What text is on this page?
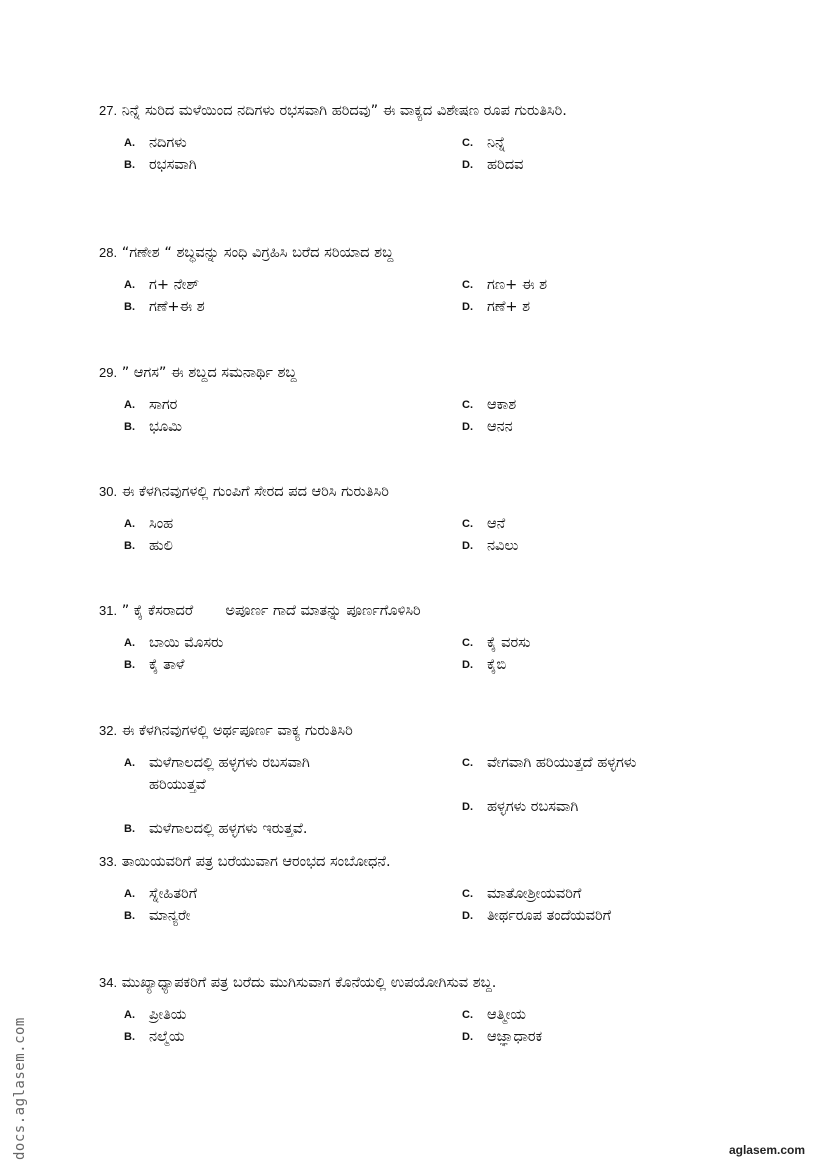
27. ನಿನ್ನೆ ಸುರಿದ ಮಳೆಯಿಂದ ನದಿಗಳು ರಭಸವಾಗಿ ಹರಿದವು” ಈ ವಾಕ್ಯದ ವಿಶೇಷಣ ರೂಪ ಗುರುತಿಸಿರಿ.
A. ನದಿಗಳು	C. ನಿನ್ನೆ
B. ರಭಸವಾಗಿ	D. ಹರಿದವ
28. “ಗಣೇಶ “ ಶಬ್ಧವನ್ನು ಸಂಧಿ ವಿಗ್ರಹಿಸಿ ಬರೆದ ಸರಿಯಾದ ಶಬ್ದ
A. ಗ+ ನೇಶ್	C. ಗಣ+ ಈ ಶ
B. ಗಣೆ+ಈ ಶ	D. ಗಣೆ+ ಶ
29. ” ಆಗಸ” ಈ ಶಬ್ದದ ಸಮನಾರ್ಥಿ ಶಬ್ದ
A. ಸಾಗರ	C. ಆಕಾಶ
B. ಭೂಮಿ	D. ಆನನ
30. ಈ ಕೆಳಗಿನವುಗಳಲ್ಲಿ ಗುಂಪಿಗೆ ಸೇರದ ಪದ ಆರಿಸಿ ಗುರುತಿಸಿರಿ
A. ಸಿಂಹ	C. ಆನೆ
B. ಹುಲಿ	D. ನವಿಲು
31. ” ಕೈ ಕೆಸರಾದರೆ       ಅಪೂರ್ಣ ಗಾದೆ ಮಾತನ್ನು ಪೂರ್ಣಗೊಳಿಸಿರಿ
A. ಬಾಯಿ ಮೊಸರು	C. ಕೈ ವರಸು
B. ಕೈ ತಾಳೆ	D. ಕೈಬಿ
32. ಈ ಕೆಳಗಿನವುಗಳಲ್ಲಿ ಅರ್ಥಪೂರ್ಣ ವಾಕ್ಯ ಗುರುತಿಸಿರಿ
A. ಮಳೆಗಾಲದಲ್ಲಿ ಹಳ್ಳಗಳು ರಬಸವಾಗಿ ಹರಿಯುತ್ತವೆ
C. ವೇಗವಾಗಿ ಹರಿಯುತ್ತದೆ ಹಳ್ಳಗಳು
B. ಮಳೆಗಾಲದಲ್ಲಿ ಹಳ್ಳಗಳು ಇರುತ್ತವೆ.
D. ಹಳ್ಳಗಳು ರಬಸವಾಗಿ
33. ತಾಯಿಯವರಿಗೆ ಪತ್ರ ಬರೆಯುವಾಗ ಆರಂಭದ ಸಂಬೋಧನೆ.
A. ಸ್ನೇಹಿತರಿಗೆ	C. ಮಾತೋಶ್ರೀಯವರಿಗೆ
B. ಮಾನ್ಯರೇ	D. ತೀರ್ಥರೂಪ ತಂದೆಯವರಿಗೆ
34. ಮುಖ್ಯಾಧ್ಯಾಪಕರಿಗೆ ಪತ್ರ ಬರೆದು ಮುಗಿಸುವಾಗ ಕೊನೆಯಲ್ಲಿ ಉಪಯೋಗಿಸುವ ಶಬ್ದ.
A. ಪ್ರೀತಿಯ	C. ಆತ್ಮೀಯ
B. ನಲ್ಮೆಯ	D. ಆಜ್ಞಾಧಾರಕ
docs.aglasem.com	aglasem.com
